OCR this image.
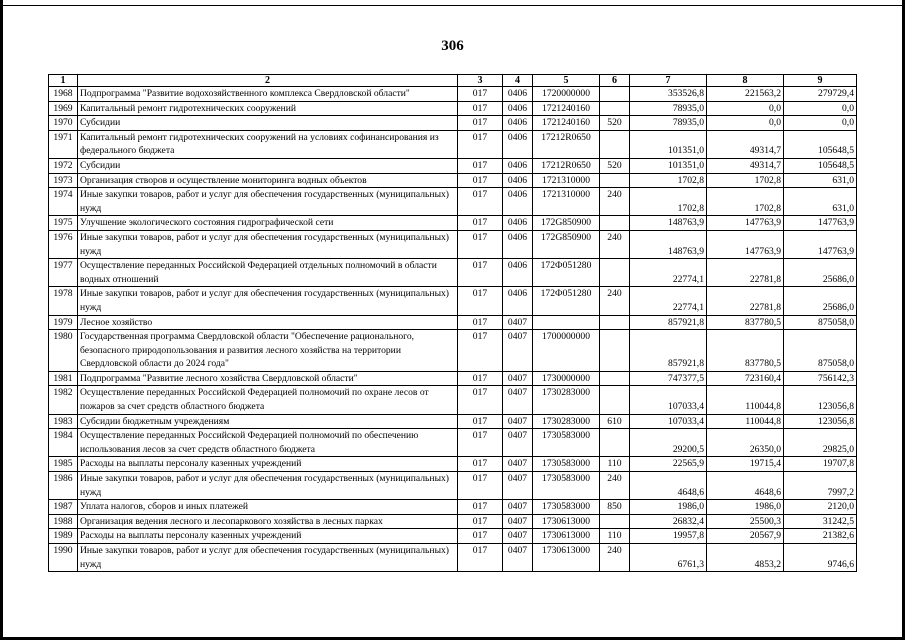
306
1	2	3	4	5	6	7	8	9
1968	Подпрограмма "Развитие водохозяйственного комплекса Свердловской области"	017	0406	1720000000		353526,8	221563,2	279729,4
1969	Капитальный ремонт гидротехнических сооружений	017	0406	1721240160		78935,0	0,0	0,0
1970	Субсидии	017	0406	1721240160	520	78935,0	0,0	0,0
1971	Капитальный ремонт гидротехнических сооружений на условиях софинансирования из федерального бюджета	017	0406	17212R0650		101351,0	49314,7	105648,5
1972	Субсидии	017	0406	17212R0650	520	101351,0	49314,7	105648,5
1973	Организация створов и осуществление мониторинга водных объектов	017	0406	1721310000		1702,8	1702,8	631,0
1974	Иные закупки товаров, работ и услуг для обеспечения государственных (муниципальных) нужд	017	0406	1721310000	240	1702,8	1702,8	631,0
1975	Улучшение экологического состояния гидрографической сети	017	0406	172G850900		148763,9	147763,9	147763,9
1976	Иные закупки товаров, работ и услуг для обеспечения государственных (муниципальных) нужд	017	0406	172G850900	240	148763,9	147763,9	147763,9
1977	Осуществление переданных Российской Федерацией отдельных полномочий в области водных отношений	017	0406	172Ф051280		22774,1	22781,8	25686,0
1978	Иные закупки товаров, работ и услуг для обеспечения государственных (муниципальных) нужд	017	0406	172Ф051280	240	22774,1	22781,8	25686,0
1979	Лесное хозяйство	017	0407			857921,8	837780,5	875058,0
1980	Государственная программа Свердловской области "Обеспечение рационального, безопасного природопользования и развития лесного хозяйства на территории Свердловской области до 2024 года"	017	0407	1700000000		857921,8	837780,5	875058,0
1981	Подпрограмма "Развитие лесного хозяйства Свердловской области"	017	0407	1730000000		747377,5	723160,4	756142,3
1982	Осуществление переданных Российской Федерацией полномочий по охране лесов от пожаров за счет средств областного бюджета	017	0407	1730283000		107033,4	110044,8	123056,8
1983	Субсидии бюджетным учреждениям	017	0407	1730283000	610	107033,4	110044,8	123056,8
1984	Осуществление переданных Российской Федерацией полномочий по обеспечению использования лесов за счет средств областного бюджета	017	0407	1730583000		29200,5	26350,0	29825,0
1985	Расходы на выплаты персоналу казенных учреждений	017	0407	1730583000	110	22565,9	19715,4	19707,8
1986	Иные закупки товаров, работ и услуг для обеспечения государственных (муниципальных) нужд	017	0407	1730583000	240	4648,6	4648,6	7997,2
1987	Уплата налогов, сборов и иных платежей	017	0407	1730583000	850	1986,0	1986,0	2120,0
1988	Организация ведения лесного и лесопаркового хозяйства в лесных парках	017	0407	1730613000		26832,4	25500,3	31242,5
1989	Расходы на выплаты персоналу казенных учреждений	017	0407	1730613000	110	19957,8	20567,9	21382,6
1990	Иные закупки товаров, работ и услуг для обеспечения государственных (муниципальных) нужд	017	0407	1730613000	240	6761,3	4853,2	9746,6
